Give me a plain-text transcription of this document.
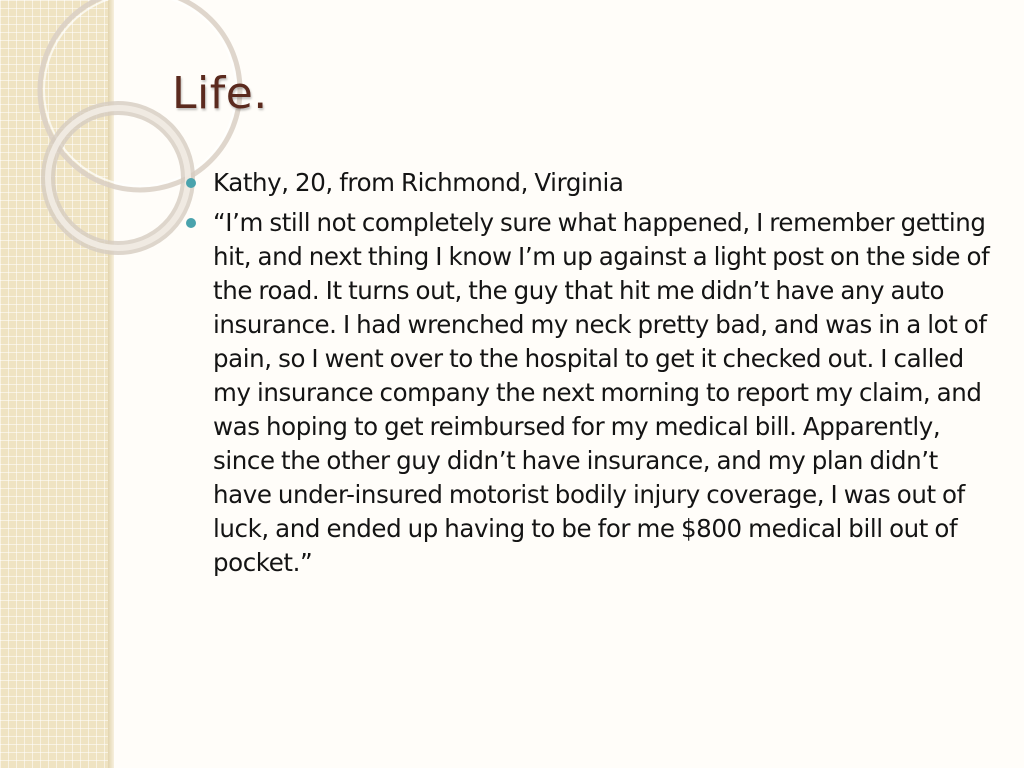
Life.
Kathy, 20, from Richmond, Virginia
“I’m still not completely sure what happened, I remember getting hit, and next thing I know I’m up against a light post on the side of the road. It turns out, the guy that hit me didn’t have any auto insurance. I had wrenched my neck pretty bad, and was in a lot of pain, so I went over to the hospital to get it checked out. I called my insurance company the next morning to report my claim, and was hoping to get reimbursed for my medical bill. Apparently, since the other guy didn’t have insurance, and my plan didn’t have under-insured motorist bodily injury coverage, I was out of luck, and ended up having to be for me $800 medical bill out of pocket.”
